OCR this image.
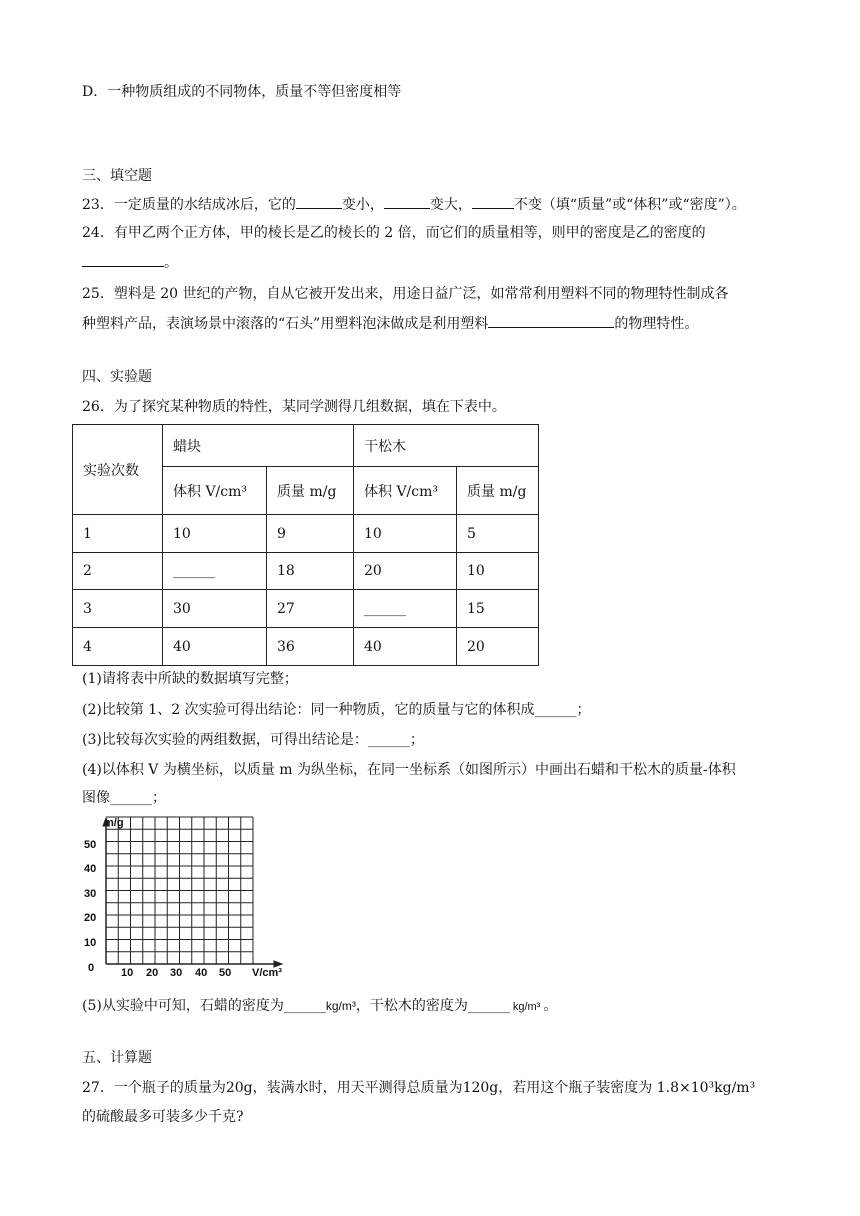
D．一种物质组成的不同物体，质量不等但密度相等
三、填空题
23．一定质量的水结成冰后，它的	变小，	变大，	不变（填“质量”或“体积”或“密度”）。
24．有甲乙两个正方体，甲的棱长是乙的棱长的 2 倍，而它们的质量相等，则甲的密度是乙的密度的
。
25．塑料是 20 世纪的产物，自从它被开发出来，用途日益广泛，如常常利用塑料不同的物理特性制成各
种塑料产品，表演场景中滚落的“石头”用塑料泡沫做成是利用塑料	的物理特性。
四、实验题
26．为了探究某种物质的特性，某同学测得几组数据，填在下表中。
实验次数	蜡块		干松木	
	体积 V/cm³	质量 m/g	体积 V/cm³	质量 m/g
1	10	9	10	5
2	______	18	20	10
3	30	27	______	15
4	40	36	40	20
(1)请将表中所缺的数据填写完整；
(2)比较第 1、2 次实验可得出结论：同一种物质，它的质量与它的体积成______；
(3)比较每次实验的两组数据，可得出结论是：______；
(4)以体积 V 为横坐标，以质量 m 为纵坐标，在同一坐标系（如图所示）中画出石蜡和干松木的质量-体积
图像______；
m/g
V/cm³
0
50
40
30
20
10
10 20 30 40 50
(5)从实验中可知，石蜡的密度为______kg/m³，干松木的密度为______ kg/m³ 。
五、计算题
27．一个瓶子的质量为20g，装满水时，用天平测得总质量为120g，若用这个瓶子装密度为 1.8×10³kg/m³
的硫酸最多可装多少千克?
